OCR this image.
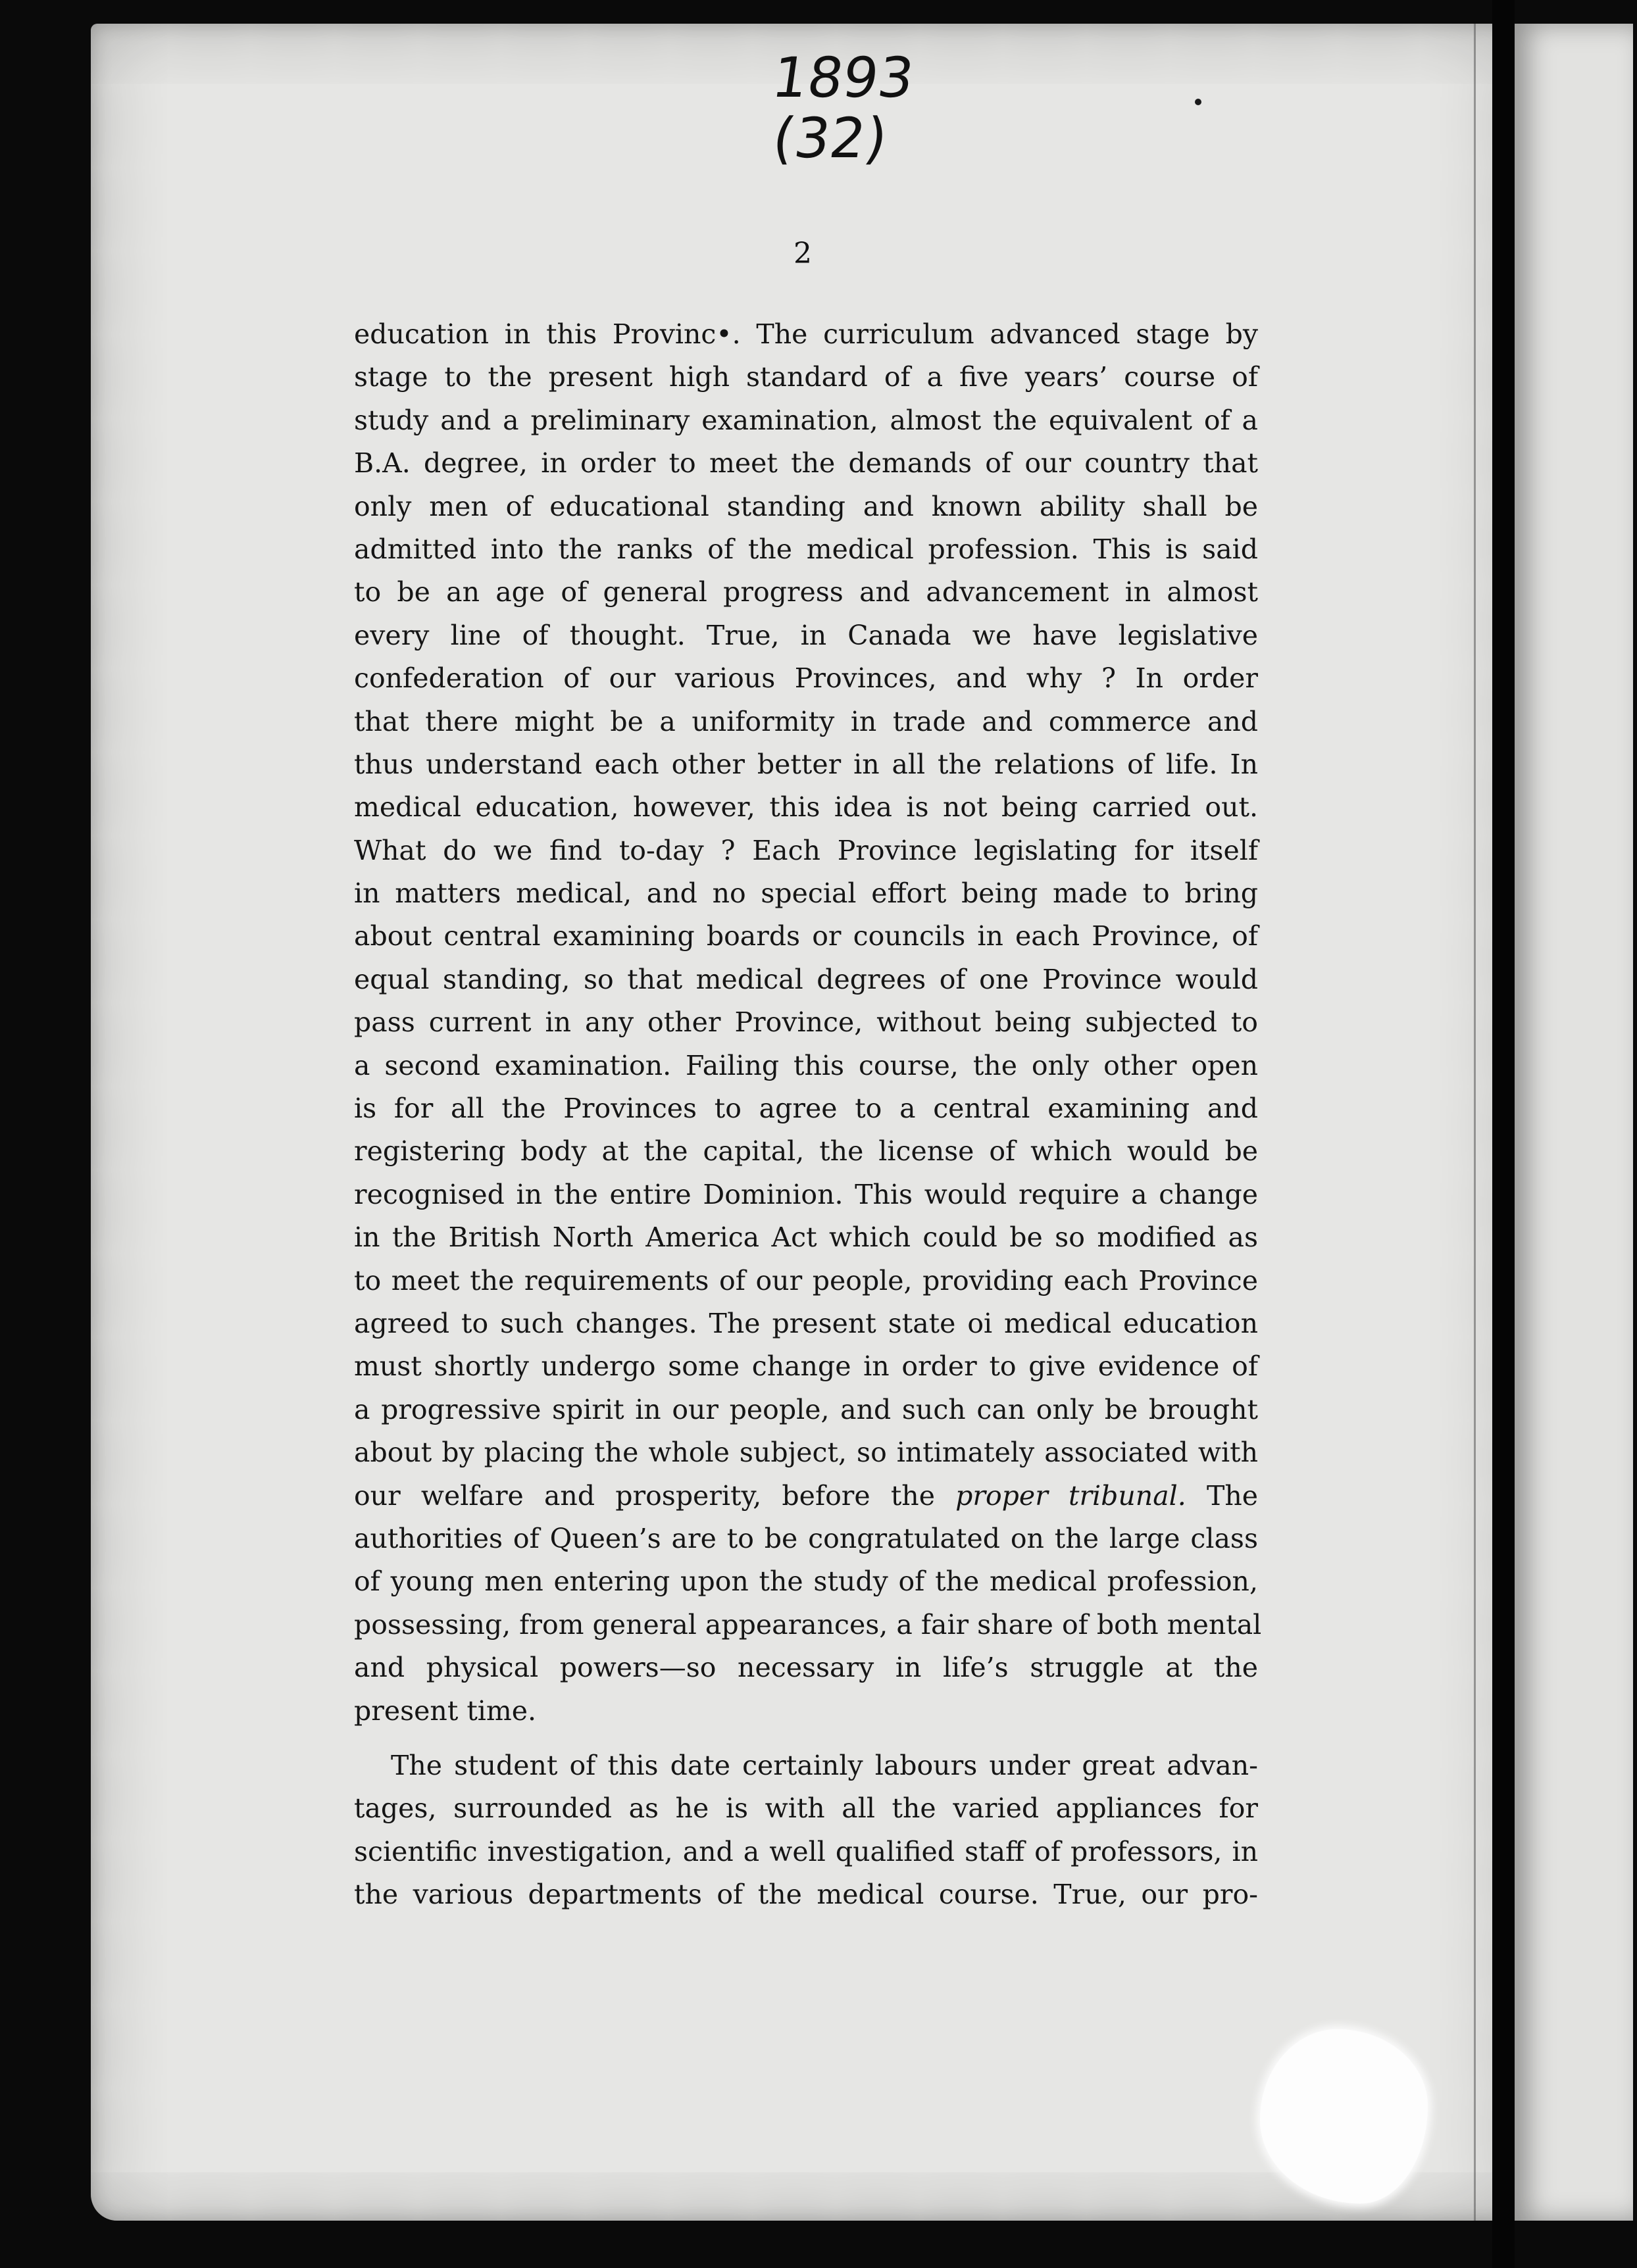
1893
(32)
2
education in this Provinc•. The curriculum advanced stage by
stage to the present high standard of a five years’ course of
study and a preliminary examination, almost the equivalent of a
B.A. degree, in order to meet the demands of our country that
only men of educational standing and known ability shall be
admitted into the ranks of the medical profession. This is said
to be an age of general progress and advancement in almost
every line of thought. True, in Canada we have legislative
confederation of our various Provinces, and why ? In order
that there might be a uniformity in trade and commerce and
thus understand each other better in all the relations of life. In
medical education, however, this idea is not being carried out.
What do we find to-day ? Each Province legislating for itself
in matters medical, and no special effort being made to bring
about central examining boards or councils in each Province, of
equal standing, so that medical degrees of one Province would
pass current in any other Province, without being subjected to
a second examination. Failing this course, the only other open
is for all the Provinces to agree to a central examining and
registering body at the capital, the license of which would be
recognised in the entire Dominion. This would require a change
in the British North America Act which could be so modified as
to meet the requirements of our people, providing each Province
agreed to such changes. The present state oi medical education
must shortly undergo some change in order to give evidence of
a progressive spirit in our people, and such can only be brought
about by placing the whole subject, so intimately associated with
our welfare and prosperity, before the proper tribunal. The
authorities of Queen’s are to be congratulated on the large class
of young men entering upon the study of the medical profession,
possessing, from general appearances, a fair share of both mental
and physical powers—so necessary in life’s struggle at the
present time.
The student of this date certainly labours under great advan-
tages, surrounded as he is with all the varied appliances for
scientific investigation, and a well qualified staff of professors, in
the various departments of the medical course. True, our pro-
